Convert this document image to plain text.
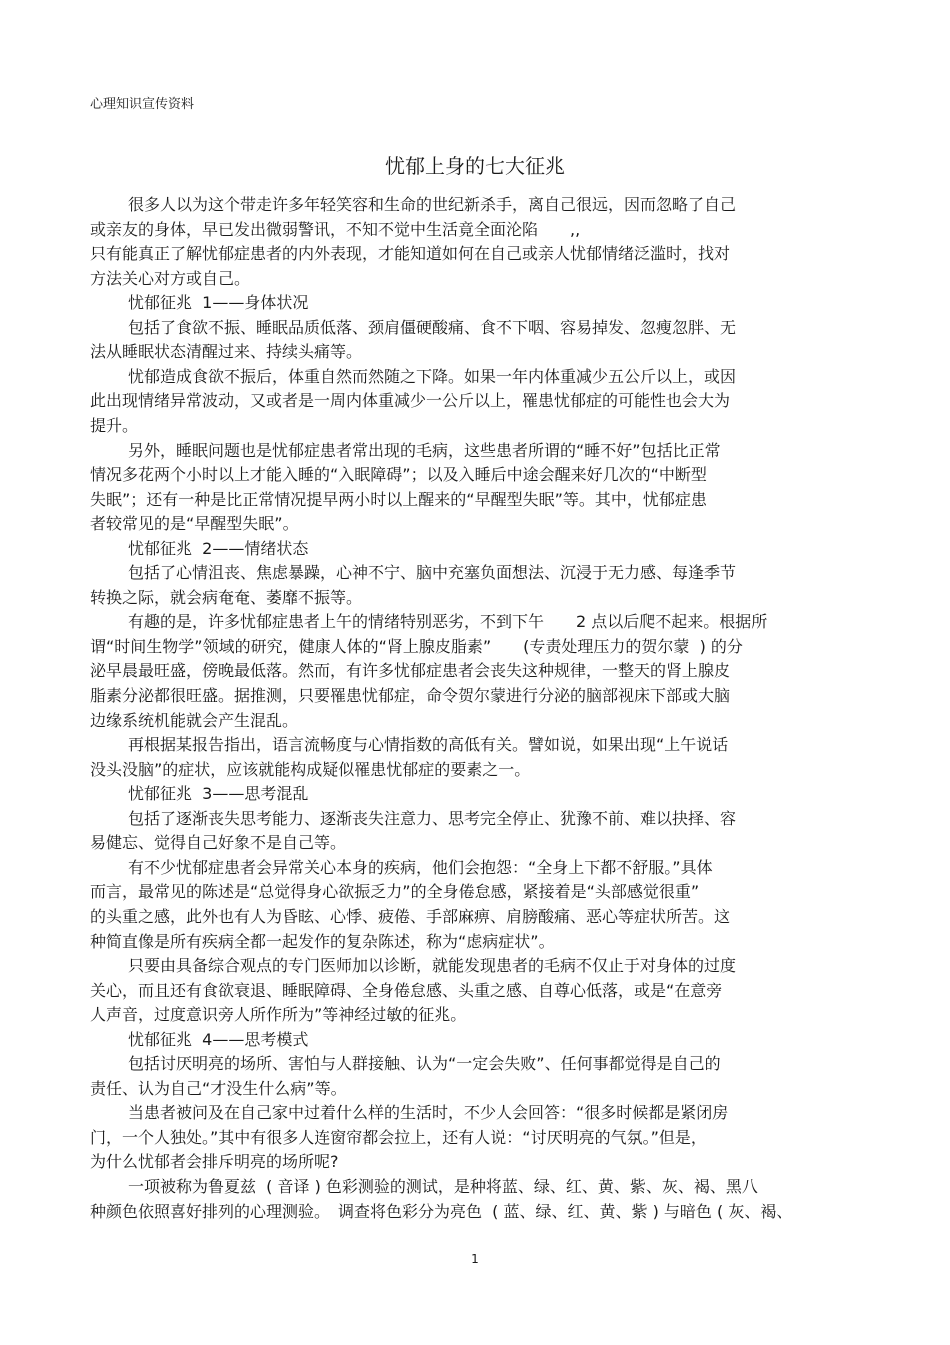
心理知识宣传资料
忧郁上身的七大征兆
很多人以为这个带走许多年轻笑容和生命的世纪新杀手，离自己很远，因而忽略了自己
或亲友的身体，早已发出微弱警讯，不知不觉中生活竟全面沦陷　　,,
只有能真正了解忧郁症患者的内外表现，才能知道如何在自己或亲人忧郁情绪泛滥时，找对
方法关心对方或自己。
忧郁征兆  1——身体状况
包括了食欲不振、睡眠品质低落、颈肩僵硬酸痛、食不下咽、容易掉发、忽瘦忽胖、无
法从睡眠状态清醒过来、持续头痛等。
忧郁造成食欲不振后，体重自然而然随之下降。如果一年内体重减少五公斤以上，或因
此出现情绪异常波动，又或者是一周内体重减少一公斤以上，罹患忧郁症的可能性也会大为
提升。
另外，睡眠问题也是忧郁症患者常出现的毛病，这些患者所谓的“睡不好”包括比正常
情况多花两个小时以上才能入睡的“入眠障碍”；以及入睡后中途会醒来好几次的“中断型
失眠”；还有一种是比正常情况提早两小时以上醒来的“早醒型失眠”等。其中，忧郁症患
者较常见的是“早醒型失眠”。
忧郁征兆  2——情绪状态
包括了心情沮丧、焦虑暴躁，心神不宁、脑中充塞负面想法、沉浸于无力感、每逢季节
转换之际，就会病奄奄、萎靡不振等。
有趣的是，许多忧郁症患者上午的情绪特别恶劣，不到下午　　2 点以后爬不起来。根据所
谓“时间生物学”领域的研究，健康人体的“肾上腺皮脂素”　　(专责处理压力的贺尔蒙  ) 的分
泌早晨最旺盛，傍晚最低落。然而，有许多忧郁症患者会丧失这种规律，一整天的肾上腺皮
脂素分泌都很旺盛。据推测，只要罹患忧郁症，命令贺尔蒙进行分泌的脑部视床下部或大脑
边缘系统机能就会产生混乱。
再根据某报告指出，语言流畅度与心情指数的高低有关。譬如说，如果出现“上午说话
没头没脑”的症状，应该就能构成疑似罹患忧郁症的要素之一。
忧郁征兆  3——思考混乱
包括了逐渐丧失思考能力、逐渐丧失注意力、思考完全停止、犹豫不前、难以抉择、容
易健忘、觉得自己好象不是自己等。
有不少忧郁症患者会异常关心本身的疾病，他们会抱怨：“全身上下都不舒服。”具体
而言，最常见的陈述是“总觉得身心欲振乏力”的全身倦怠感，紧接着是“头部感觉很重”
的头重之感，此外也有人为昏眩、心悸、疲倦、手部麻痹、肩膀酸痛、恶心等症状所苦。这
种简直像是所有疾病全都一起发作的复杂陈述，称为“虑病症状”。
只要由具备综合观点的专门医师加以诊断，就能发现患者的毛病不仅止于对身体的过度
关心，而且还有食欲衰退、睡眠障碍、全身倦怠感、头重之感、自尊心低落，或是“在意旁
人声音，过度意识旁人所作所为”等神经过敏的征兆。
忧郁征兆  4——思考模式
包括讨厌明亮的场所、害怕与人群接触、认为“一定会失败”、任何事都觉得是自己的
责任、认为自己“才没生什么病”等。
当患者被问及在自己家中过着什么样的生活时，不少人会回答：“很多时候都是紧闭房
门，一个人独处。”其中有很多人连窗帘都会拉上，还有人说：“讨厌明亮的气氛。”但是，
为什么忧郁者会排斥明亮的场所呢?
一项被称为鲁夏兹  ( 音译 ) 色彩测验的测试，是种将蓝、绿、红、黄、紫、灰、褐、黑八
种颜色依照喜好排列的心理测验。　调查将色彩分为亮色  ( 蓝、绿、红、黄、紫 ) 与暗色 ( 灰、褐、
1
